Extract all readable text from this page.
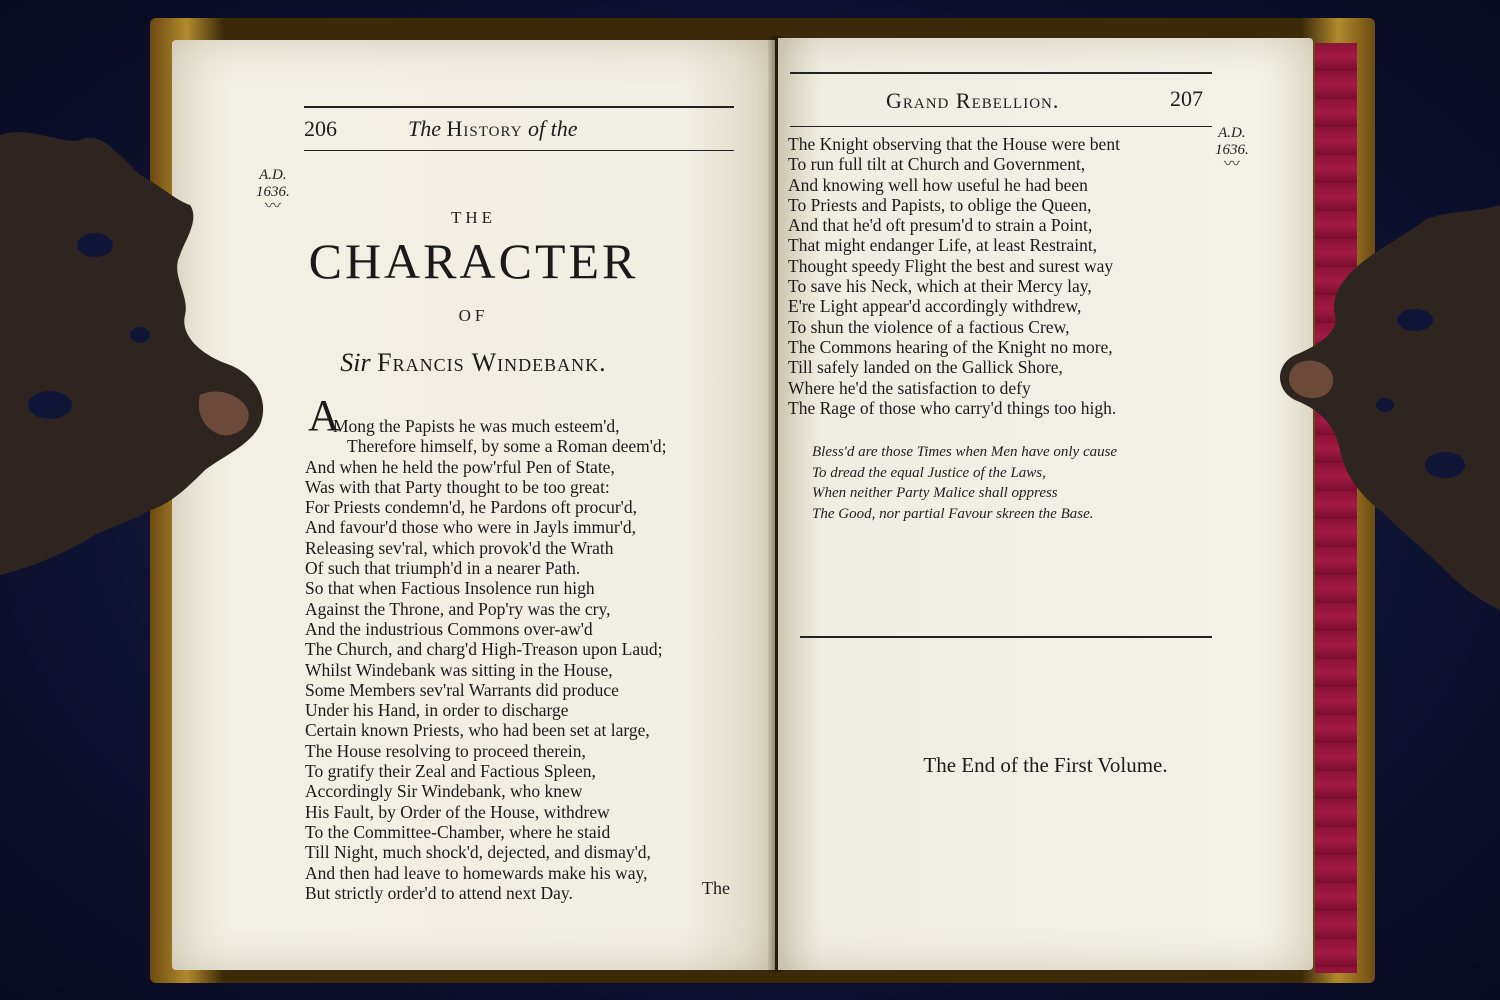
206	The History of the
A.D.
1636.
〰
THE
CHARACTER
OF
Sir Francis Windebank.
A
Mong the Papists he was much esteem'd,
Therefore himself, by some a Roman deem'd;
And when he held the pow'rful Pen of State,
Was with that Party thought to be too great:
For Priests condemn'd, he Pardons oft procur'd,
And favour'd those who were in Jayls immur'd,
Releasing sev'ral, which provok'd the Wrath
Of such that triumph'd in a nearer Path.
So that when Factious Insolence run high
Against the Throne, and Pop'ry was the cry,
And the industrious Commons over-aw'd
The Church, and charg'd High-Treason upon Laud;
Whilst Windebank was sitting in the House,
Some Members sev'ral Warrants did produce
Under his Hand, in order to discharge
Certain known Priests, who had been set at large,
The House resolving to proceed therein,
To gratify their Zeal and Factious Spleen,
Accordingly Sir Windebank, who knew
His Fault, by Order of the House, withdrew
To the Committee-Chamber, where he staid
Till Night, much shock'd, dejected, and dismay'd,
And then had leave to homewards make his way,
But strictly order'd to attend next Day.	The
Grand Rebellion.	207
A.D.
1636.
〰
The Knight observing that the House were bent
To run full tilt at Church and Government,
And knowing well how useful he had been
To Priests and Papists, to oblige the Queen,
And that he'd oft presum'd to strain a Point,
That might endanger Life, at least Restraint,
Thought speedy Flight the best and surest way
To save his Neck, which at their Mercy lay,
E're Light appear'd accordingly withdrew,
To shun the violence of a factious Crew,
The Commons hearing of the Knight no more,
Till safely landed on the Gallick Shore,
Where he'd the satisfaction to defy
The Rage of those who carry'd things too high.
Bless'd are those Times when Men have only cause
To dread the equal Justice of the Laws,
When neither Party Malice shall oppress
The Good, nor partial Favour skreen the Base.
The End of the First Volume.
